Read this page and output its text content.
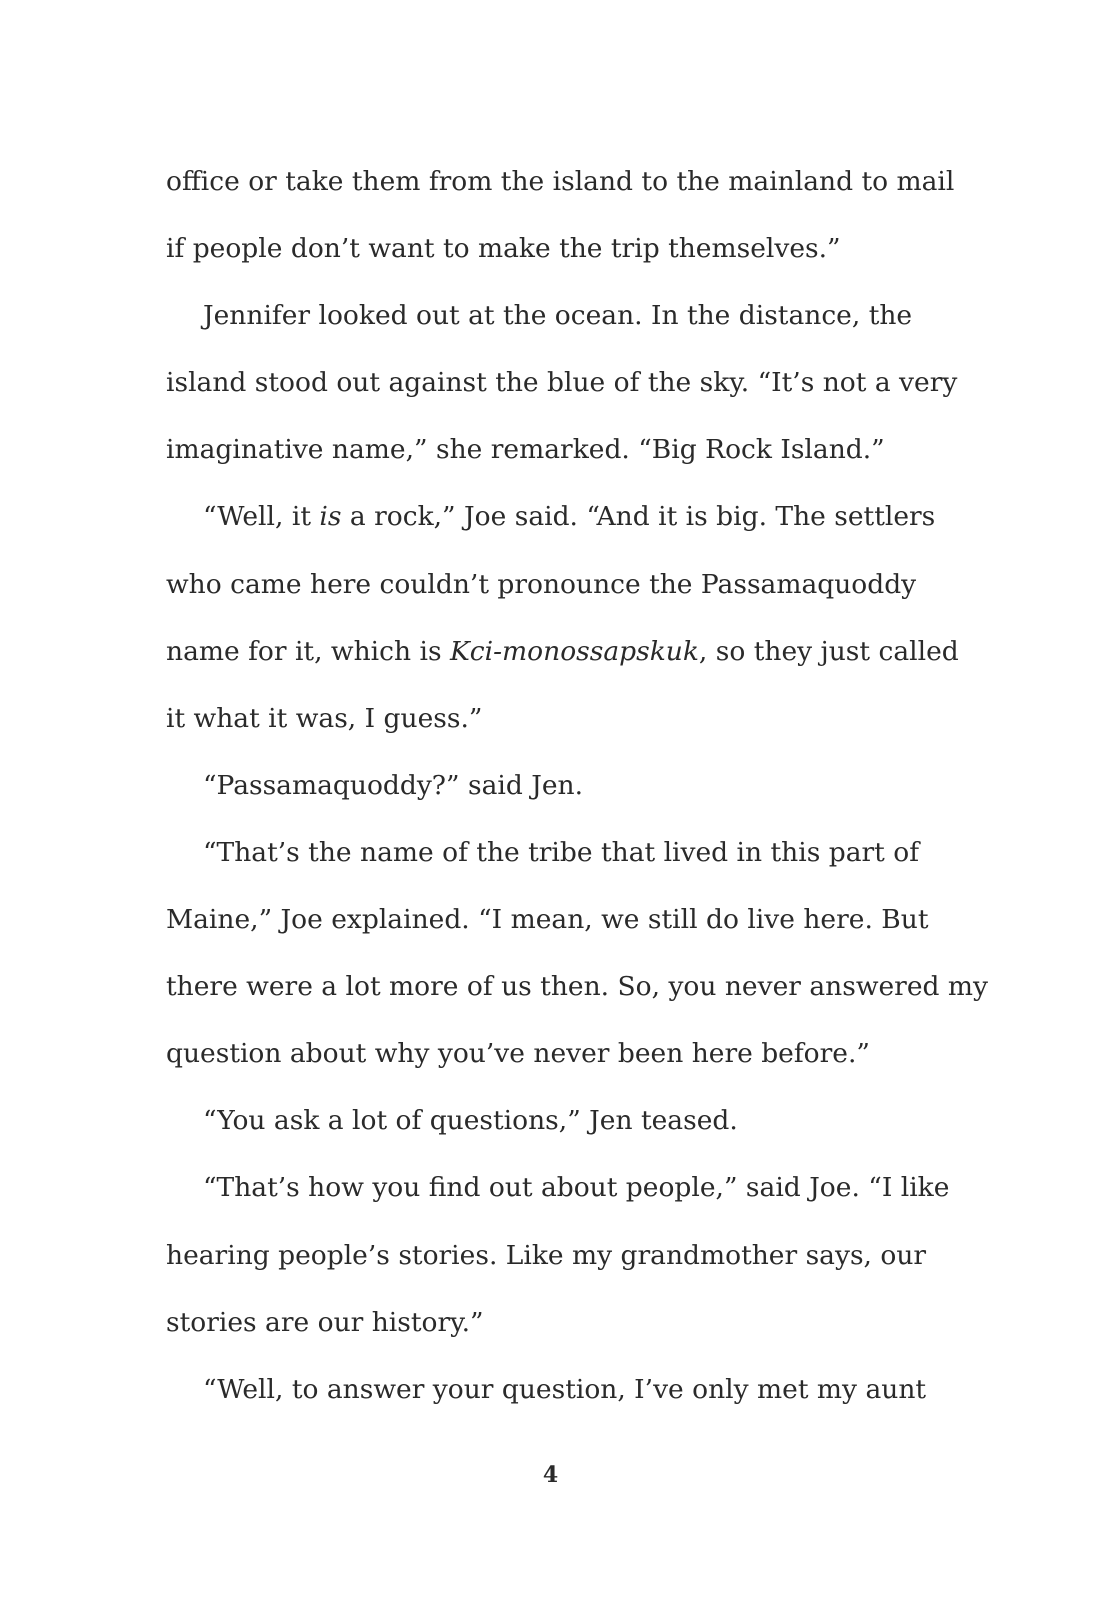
office or take them from the island to the mainland to mail
if people don’t want to make the trip themselves.”
Jennifer looked out at the ocean. In the distance, the
island stood out against the blue of the sky. “It’s not a very
imaginative name,” she remarked. “Big Rock Island.”
“Well, it is a rock,” Joe said. “And it is big. The settlers
who came here couldn’t pronounce the Passamaquoddy
name for it, which is Kci-monossapskuk, so they just called
it what it was, I guess.”
“Passamaquoddy?” said Jen.
“That’s the name of the tribe that lived in this part of
Maine,” Joe explained. “I mean, we still do live here. But
there were a lot more of us then. So, you never answered my
question about why you’ve never been here before.”
“You ask a lot of questions,” Jen teased.
“That’s how you find out about people,” said Joe. “I like
hearing people’s stories. Like my grandmother says, our
stories are our history.”
“Well, to answer your question, I’ve only met my aunt
4
